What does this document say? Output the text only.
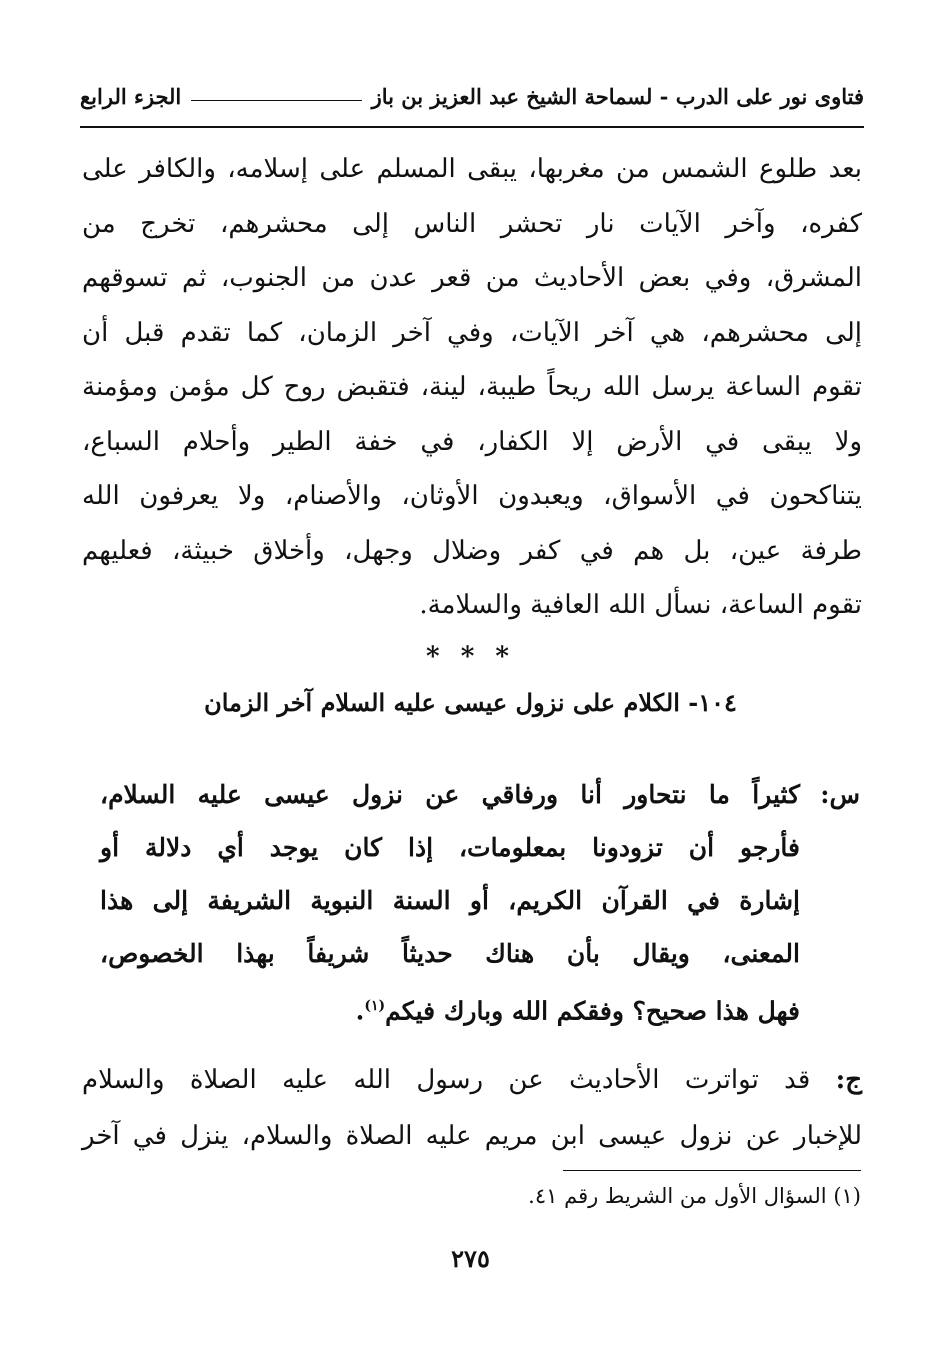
فتاوى نور على الدرب - لسماحة الشيخ عبد العزيز بن باز
الجزء الرابع
بعد طلوع الشمس من مغربها، يبقى المسلم على إسلامه، والكافر على
كفره، وآخر الآيات نار تحشر الناس إلى محشرهم، تخرج من
المشرق، وفي بعض الأحاديث من قعر عدن من الجنوب، ثم تسوقهم
إلى محشرهم، هي آخر الآيات، وفي آخر الزمان، كما تقدم قبل أن
تقوم الساعة يرسل الله ريحاً طيبة، لينة، فتقبض روح كل مؤمن ومؤمنة
ولا يبقى في الأرض إلا الكفار، في خفة الطير وأحلام السباع،
يتناكحون في الأسواق، ويعبدون الأوثان، والأصنام، ولا يعرفون الله
طرفة عين، بل هم في كفر وضلال وجهل، وأخلاق خبيثة، فعليهم
تقوم الساعة، نسأل الله العافية والسلامة.
* * *
١٠٤- الكلام على نزول عيسى عليه السلام آخر الزمان
س:
كثيراً ما نتحاور أنا ورفاقي عن نزول عيسى عليه السلام،
فأرجو أن تزودونا بمعلومات، إذا كان يوجد أي دلالة أو
إشارة في القرآن الكريم، أو السنة النبوية الشريفة إلى هذا
المعنى، ويقال بأن هناك حديثاً شريفاً بهذا الخصوص،
فهل هذا صحيح؟ وفقكم الله وبارك فيكم$^{(١)}$.
ج: قد تواترت الأحاديث عن رسول الله عليه الصلاة والسلام
للإخبار عن نزول عيسى ابن مريم عليه الصلاة والسلام، ينزل في آخر
(١) السؤال الأول من الشريط رقم ٤١.
٢٧٥
